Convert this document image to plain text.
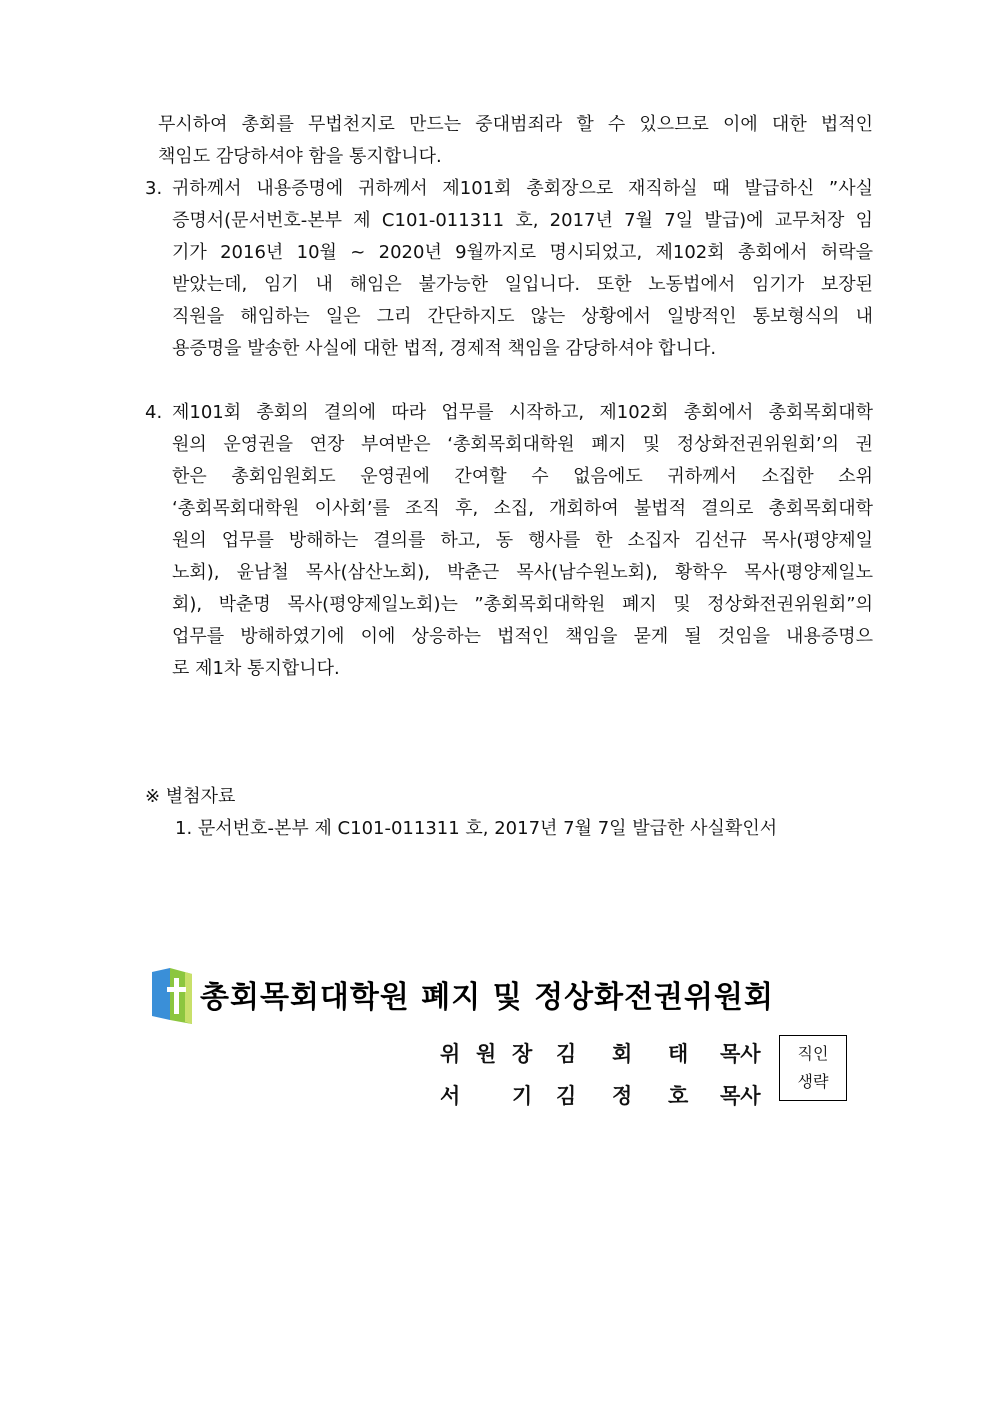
무시하여 총회를 무법천지로 만드는 중대범죄라 할 수 있으므로 이에 대한 법적인
책임도 감당하셔야 함을 통지합니다.
3. 귀하께서 내용증명에 귀하께서 제101회 총회장으로 재직하실 때 발급하신 ”사실
증명서(문서번호-본부 제 C101-011311 호, 2017년 7월 7일 발급)에 교무처장 임
기가 2016년 10월 ~ 2020년 9월까지로 명시되었고, 제102회 총회에서 허락을
받았는데, 임기 내 해임은 불가능한 일입니다. 또한 노동법에서 임기가 보장된
직원을 해임하는 일은 그리 간단하지도 않는 상황에서 일방적인 통보형식의 내
용증명을 발송한 사실에 대한 법적, 경제적 책임을 감당하셔야 합니다.
4. 제101회 총회의 결의에 따라 업무를 시작하고, 제102회 총회에서 총회목회대학
원의 운영권을 연장 부여받은 ‘총회목회대학원 폐지 및 정상화전권위원회’의 권
한은 총회임원회도 운영권에 간여할 수 없음에도 귀하께서 소집한 소위
‘총회목회대학원 이사회’를 조직 후, 소집, 개회하여 불법적 결의로 총회목회대학
원의 업무를 방해하는 결의를 하고, 동 행사를 한 소집자 김선규 목사(평양제일
노회), 윤남철 목사(삼산노회), 박춘근 목사(남수원노회), 황학우 목사(평양제일노
회), 박춘명 목사(평양제일노회)는 ”총회목회대학원 폐지 및 정상화전권위원회”의
업무를 방해하였기에 이에 상응하는 법적인 책임을 묻게 될 것임을 내용증명으
로 제1차 통지합니다.
※ 별첨자료
1. 문서번호-본부 제 C101-011311 호, 2017년 7월 7일 발급한 사실확인서
총회목회대학원 폐지 및 정상화전권위원회
위 원 장 김 회 태 목사
서 기 김 정 호 목사
직인
생략
